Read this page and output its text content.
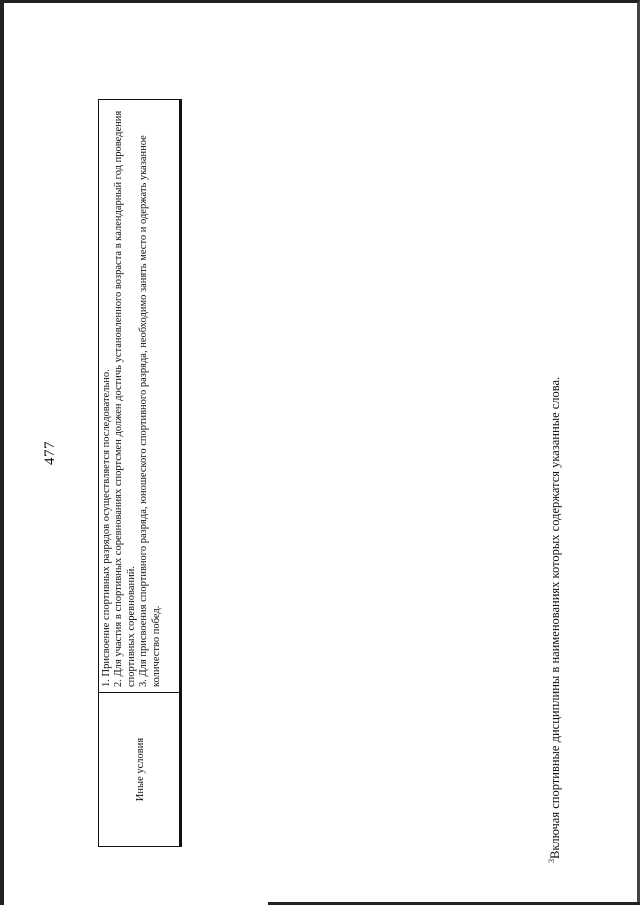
477
Иные условия

1. Присвоение спортивных разрядов осуществляется последовательно. 2. Для участия в спортивных соревнованиях спортсмен должен достичь установленного возраста в календарный год проведения спортивных соревнований. 3. Для присвоения спортивного разряда, юношеского спортивного разряда, необходимо занять место и одержать указанное количество побед.

$^3$Включая спортивные дисциплины в наименованиях которых содержатся указанные слова.
